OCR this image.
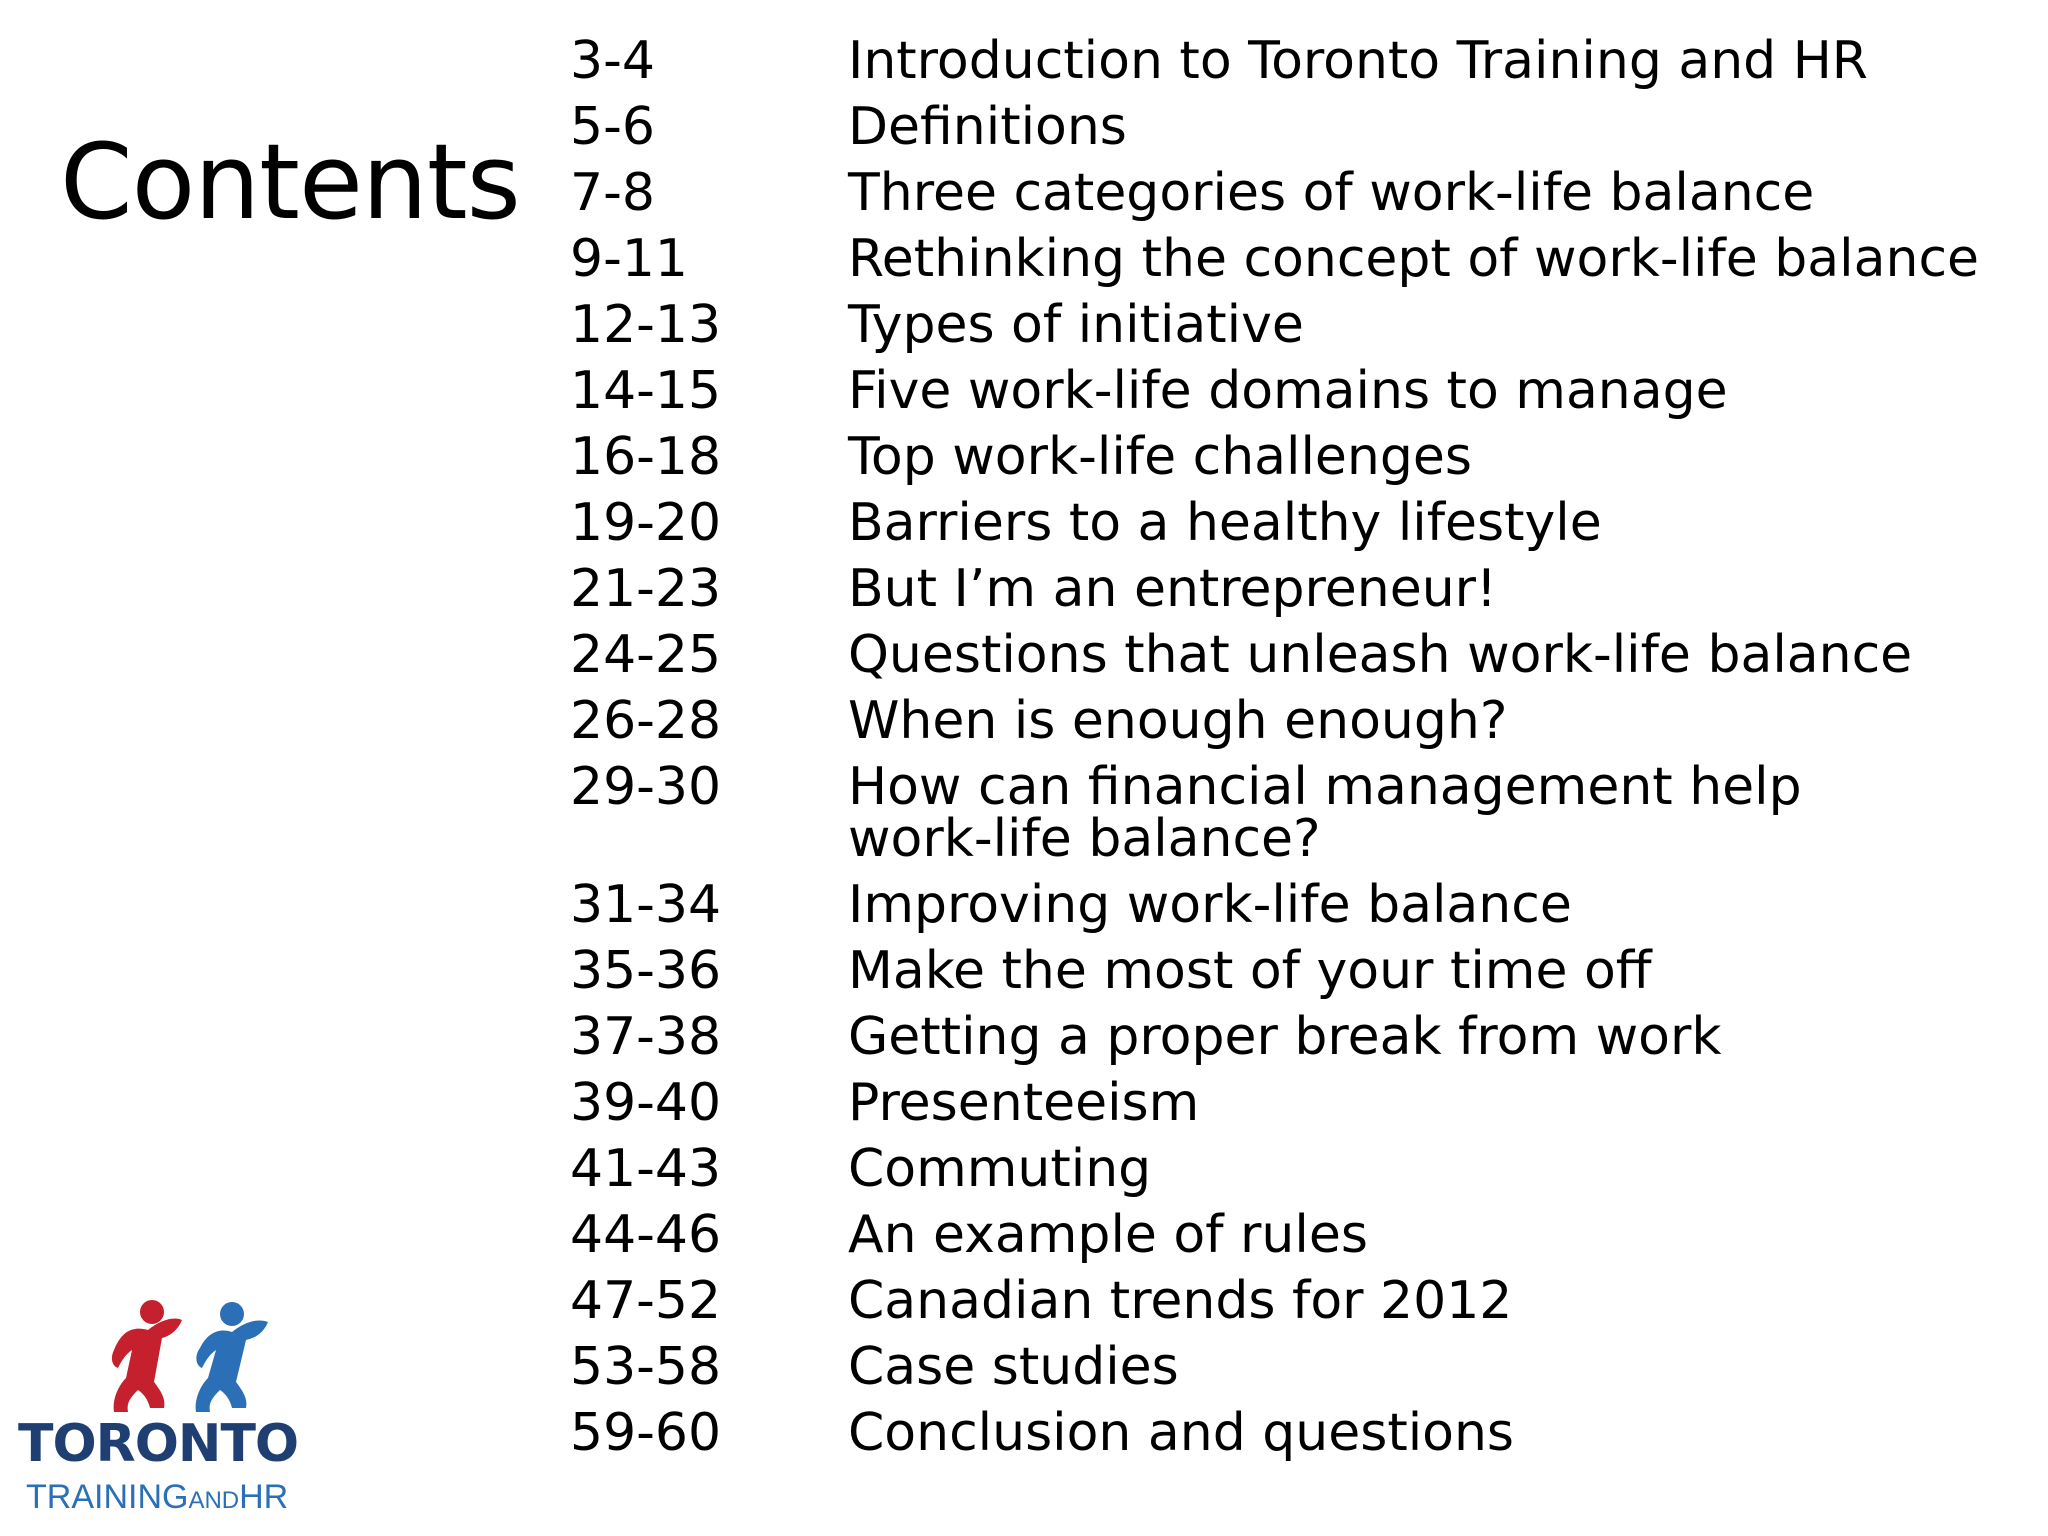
Contents
3-4	Introduction to Toronto Training and HR
5-6	Definitions
7-8	Three categories of work-life balance
9-11	Rethinking the concept of work-life balance
12-13	Types of initiative
14-15	Five work-life domains to manage
16-18	Top work-life challenges
19-20	Barriers to a healthy lifestyle
21-23	But I’m an entrepreneur!
24-25	Questions that unleash work-life balance
26-28	When is enough enough?
29-30	How can financial management help
work-life balance?
31-34	Improving work-life balance
35-36	Make the most of your time off
37-38	Getting a proper break from work
39-40	Presenteeism
41-43	Commuting
44-46	An example of rules
47-52	Canadian trends for 2012
53-58	Case studies
59-60	Conclusion and questions
TORONTO
TRAININGANDHR
